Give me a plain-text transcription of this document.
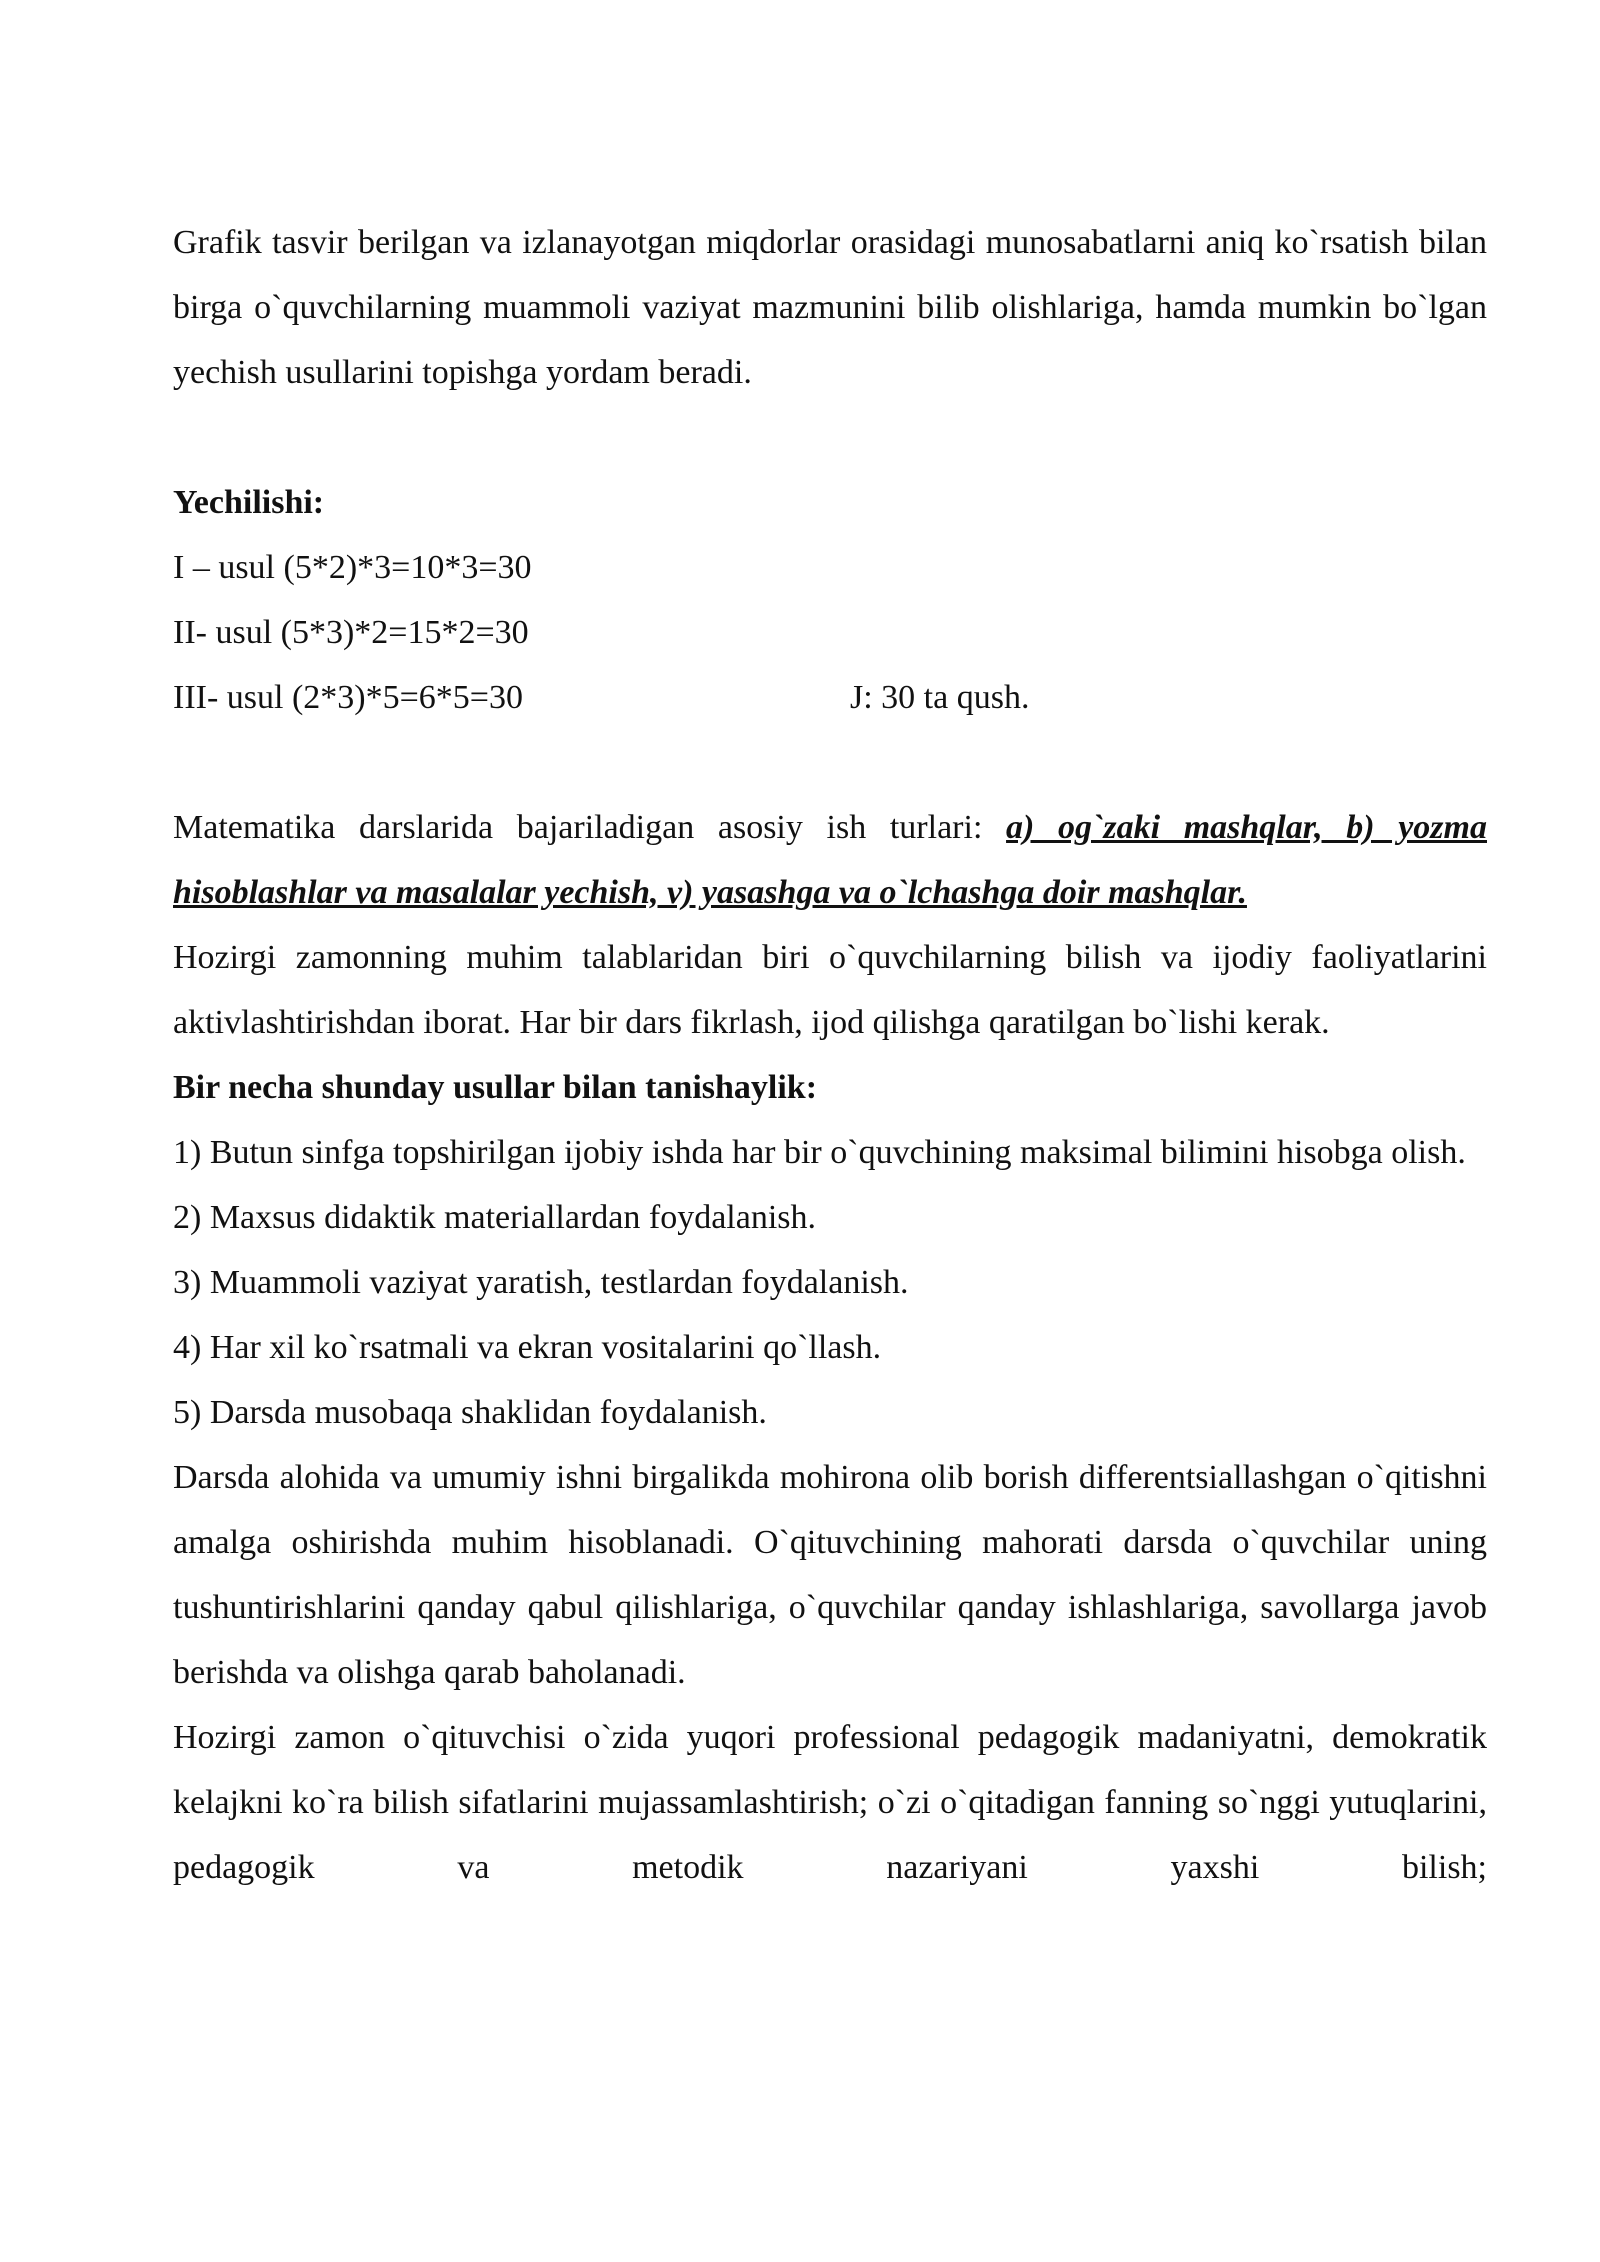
Grafik tasvir berilgan va izlanayotgan miqdorlar orasidagi munosabatlarni aniq ko`rsatish bilan birga o`quvchilarning muammoli vaziyat mazmunini bilib olishlariga, hamda mumkin bo`lgan yechish usullarini topishga yordam beradi.

Yechilishi:

I – usul (5*2)*3=10*3=30

II- usul (5*3)*2=15*2=30

III- usul (2*3)*5=6*5=30	J: 30 ta qush.

Matematika darslarida bajariladigan asosiy ish turlari: a) og`zaki mashqlar, b) yozma hisoblashlar va masalalar yechish, v) yasashga va o`lchashga doir mashqlar.

Hozirgi zamonning muhim talablaridan biri o`quvchilarning bilish va ijodiy faoliyatlarini aktivlashtirishdan iborat. Har bir dars fikrlash, ijod qilishga qaratilgan bo`lishi kerak.

Bir necha shunday usullar bilan tanishaylik:

1) Butun sinfga topshirilgan ijobiy ishda har bir o`quvchining maksimal bilimini hisobga olish.

2) Maxsus didaktik materiallardan foydalanish.

3) Muammoli vaziyat yaratish, testlardan foydalanish.

4) Har xil ko`rsatmali va ekran vositalarini qo`llash.

5) Darsda musobaqa shaklidan foydalanish.

Darsda alohida va umumiy ishni birgalikda mohirona olib borish differentsiallashgan o`qitishni amalga oshirishda muhim hisoblanadi. O`qituvchining mahorati darsda o`quvchilar uning tushuntirishlarini qanday qabul qilishlariga, o`quvchilar qanday ishlashlariga, savollarga javob berishda va olishga qarab baholanadi.

Hozirgi zamon o`qituvchisi o`zida yuqori professional pedagogik madaniyatni, demokratik kelajkni ko`ra bilish sifatlarini mujassamlashtirish; o`zi o`qitadigan fanning so`nggi yutuqlarini, pedagogik va metodik nazariyani yaxshi bilish;
